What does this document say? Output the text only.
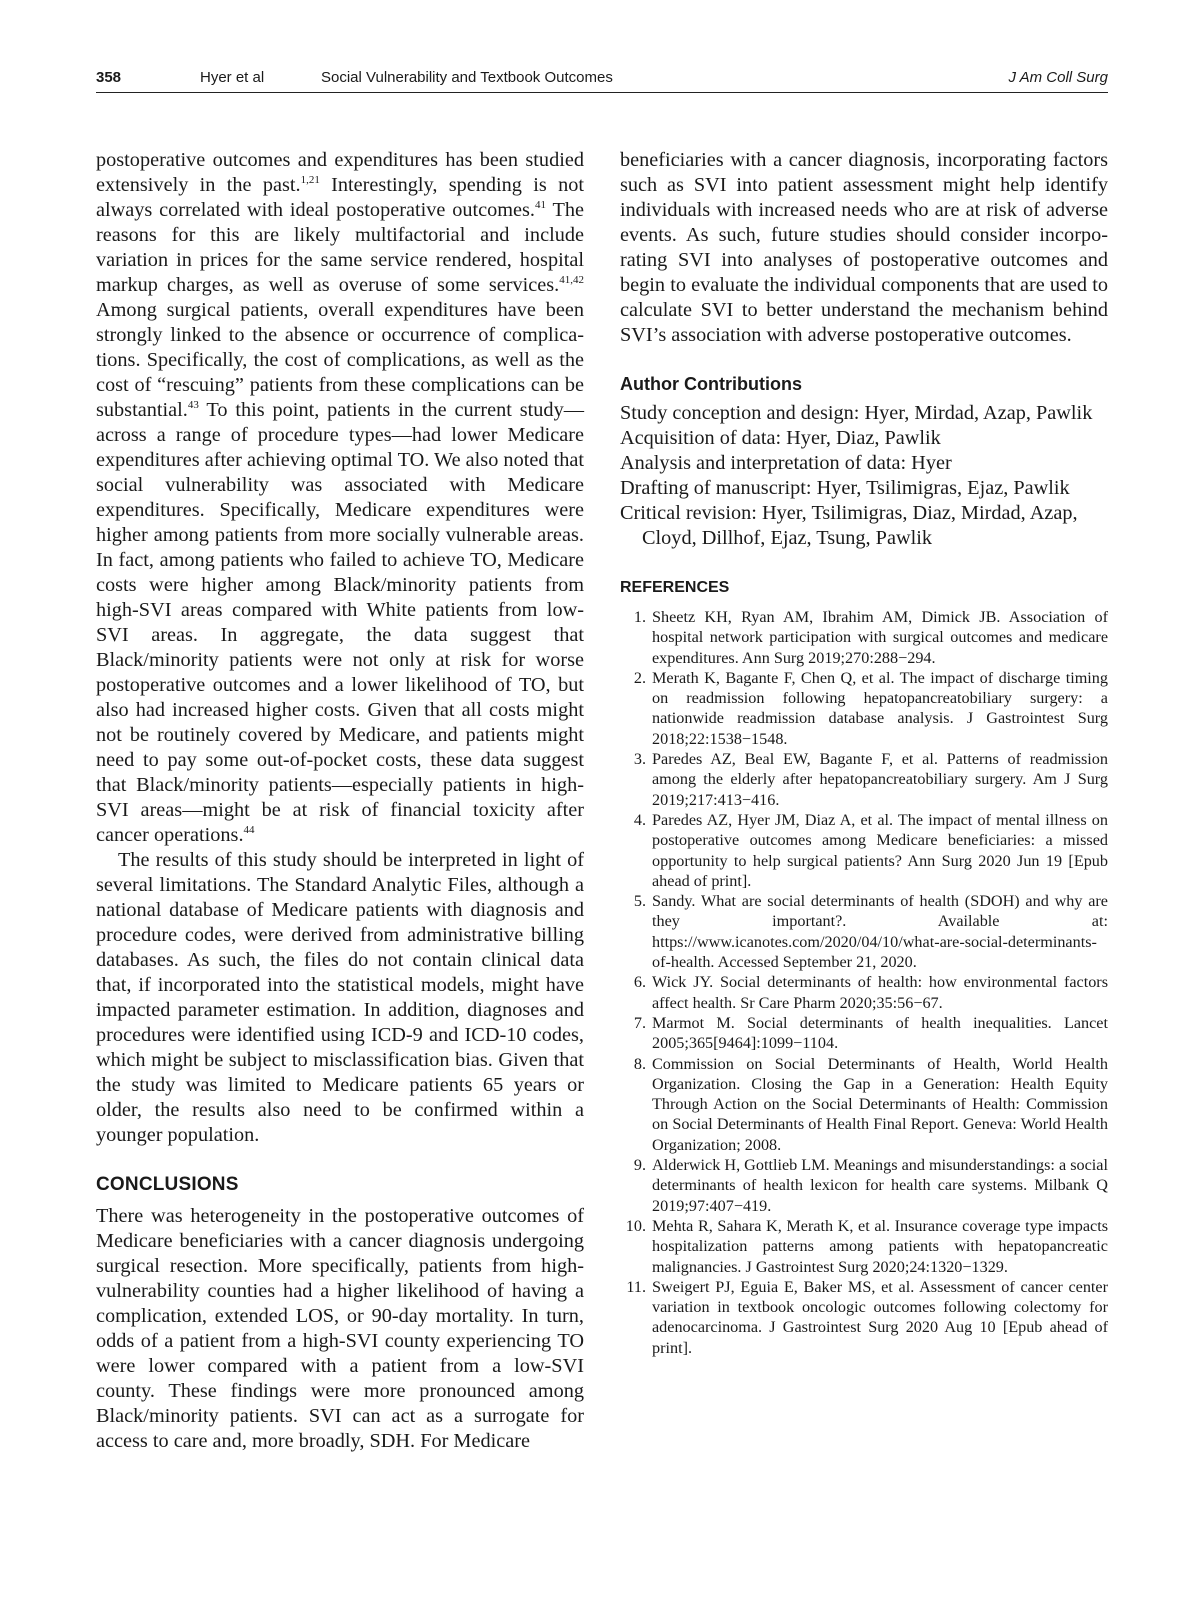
358	Hyer et al	Social Vulnerability and Textbook Outcomes	J Am Coll Surg

postoperative outcomes and expenditures has been studied extensively in the past.$^{1,21}$ Interestingly, spending is not always correlated with ideal postoperative outcomes.$^{41}$ The reasons for this are likely multifactorial and include variation in prices for the same service rendered, hospital markup charges, as well as overuse of some services.$^{41,42}$ Among surgical patients, overall expenditures have been strongly linked to the absence or occurrence of complications. Specifically, the cost of complications, as well as the cost of “rescuing” patients from these complications can be substantial.$^{43}$ To this point, patients in the current study—across a range of procedure types—had lower Medicare expenditures after achieving optimal TO. We also noted that social vulnerability was associated with Medicare expenditures. Specifically, Medicare expenditures were higher among patients from more socially vulnerable areas. In fact, among patients who failed to achieve TO, Medicare costs were higher among Black/minority patients from high-SVI areas compared with White patients from low-SVI areas. In aggregate, the data suggest that Black/minority patients were not only at risk for worse postoperative outcomes and a lower likelihood of TO, but also had increased higher costs. Given that all costs might not be routinely covered by Medicare, and patients might need to pay some out-of-pocket costs, these data suggest that Black/minority patients—especially patients in high-SVI areas—might be at risk of financial toxicity after cancer operations.$^{44}$

The results of this study should be interpreted in light of several limitations. The Standard Analytic Files, although a national database of Medicare patients with diagnosis and procedure codes, were derived from administrative billing databases. As such, the files do not contain clinical data that, if incorporated into the statistical models, might have impacted parameter estimation. In addition, diagnoses and procedures were identified using ICD-9 and ICD-10 codes, which might be subject to misclassification bias. Given that the study was limited to Medicare patients 65 years or older, the results also need to be confirmed within a younger population.

CONCLUSIONS

There was heterogeneity in the postoperative outcomes of Medicare beneficiaries with a cancer diagnosis undergoing surgical resection. More specifically, patients from high-vulnerability counties had a higher likelihood of having a complication, extended LOS, or 90-day mortality. In turn, odds of a patient from a high-SVI county experiencing TO were lower compared with a patient from a low-SVI county. These findings were more pronounced among Black/minority patients. SVI can act as a surrogate for access to care and, more broadly, SDH. For Medicare

beneficiaries with a cancer diagnosis, incorporating factors such as SVI into patient assessment might help identify individuals with increased needs who are at risk of adverse events. As such, future studies should consider incorporating SVI into analyses of postoperative outcomes and begin to evaluate the individual components that are used to calculate SVI to better understand the mechanism behind SVI’s association with adverse postoperative outcomes.

Author Contributions
Study conception and design: Hyer, Mirdad, Azap, Pawlik
Acquisition of data: Hyer, Diaz, Pawlik
Analysis and interpretation of data: Hyer
Drafting of manuscript: Hyer, Tsilimigras, Ejaz, Pawlik
Critical revision: Hyer, Tsilimigras, Diaz, Mirdad, Azap, Cloyd, Dillhof, Ejaz, Tsung, Pawlik
REFERENCES
1. Sheetz KH, Ryan AM, Ibrahim AM, Dimick JB. Association of hospital network participation with surgical outcomes and medicare expenditures. Ann Surg 2019;270:288−294.
2. Merath K, Bagante F, Chen Q, et al. The impact of discharge timing on readmission following hepatopancreatobiliary surgery: a nationwide readmission database analysis. J Gastrointest Surg 2018;22:1538−1548.
3. Paredes AZ, Beal EW, Bagante F, et al. Patterns of readmission among the elderly after hepatopancreatobiliary surgery. Am J Surg 2019;217:413−416.
4. Paredes AZ, Hyer JM, Diaz A, et al. The impact of mental illness on postoperative outcomes among Medicare beneficiaries: a missed opportunity to help surgical patients? Ann Surg 2020 Jun 19 [Epub ahead of print].
5. Sandy. What are social determinants of health (SDOH) and why are they important?. Available at: https://www.icanotes.com/2020/04/10/what-are-social-determinants-of-health. Accessed September 21, 2020.
6. Wick JY. Social determinants of health: how environmental factors affect health. Sr Care Pharm 2020;35:56−67.
7. Marmot M. Social determinants of health inequalities. Lancet 2005;365[9464]:1099−1104.
8. Commission on Social Determinants of Health, World Health Organization. Closing the Gap in a Generation: Health Equity Through Action on the Social Determinants of Health: Commission on Social Determinants of Health Final Report. Geneva: World Health Organization; 2008.
9. Alderwick H, Gottlieb LM. Meanings and misunderstandings: a social determinants of health lexicon for health care systems. Milbank Q 2019;97:407−419.
10. Mehta R, Sahara K, Merath K, et al. Insurance coverage type impacts hospitalization patterns among patients with hepatopancreatic malignancies. J Gastrointest Surg 2020;24:1320−1329.
11. Sweigert PJ, Eguia E, Baker MS, et al. Assessment of cancer center variation in textbook oncologic outcomes following colectomy for adenocarcinoma. J Gastrointest Surg 2020 Aug 10 [Epub ahead of print].
